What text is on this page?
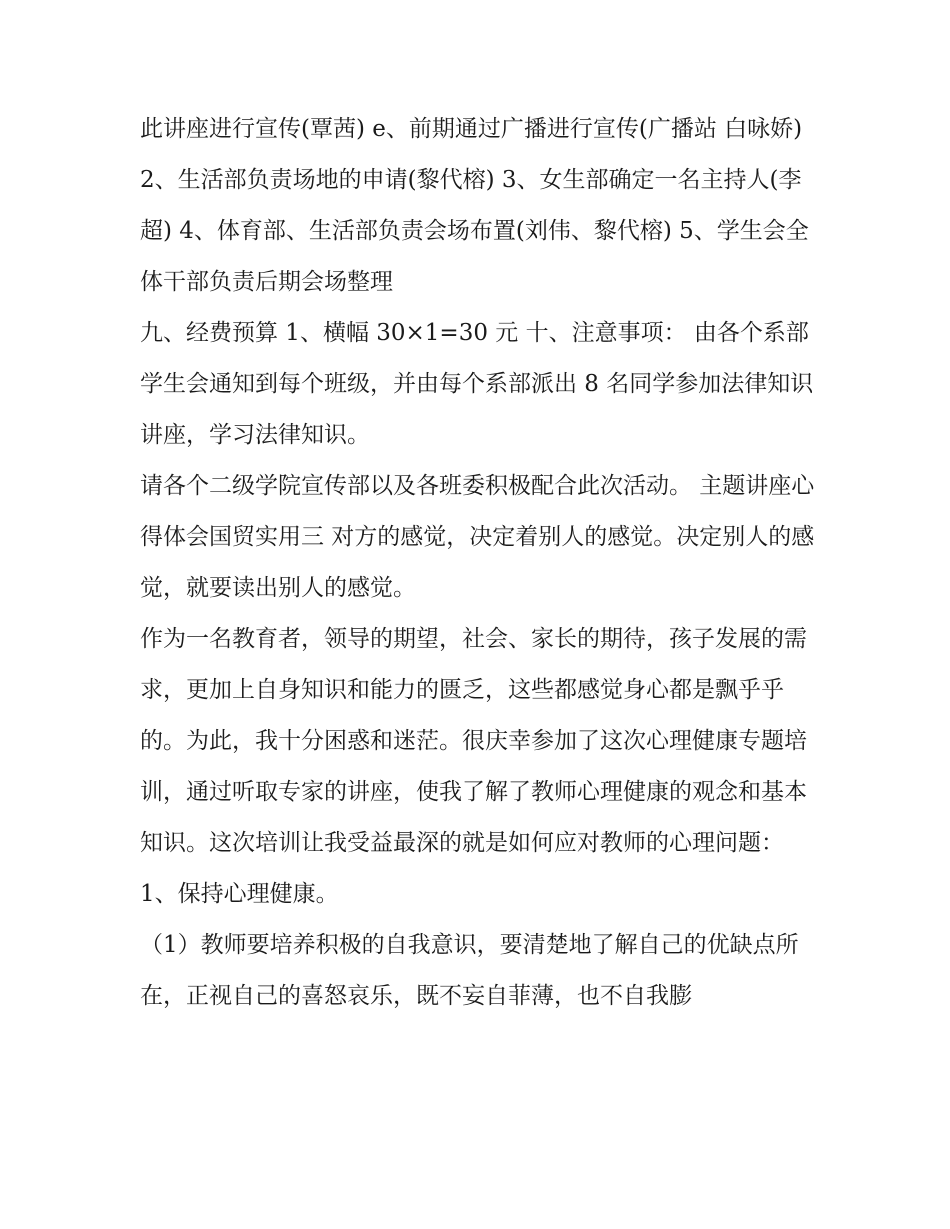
此讲座进行宣传(覃茜) e、前期通过广播进行宣传(广播站 白咏娇)

2、生活部负责场地的申请(黎代榕) 3、女生部确定一名主持人(李超) 4、体育部、生活部负责会场布置(刘伟、黎代榕) 5、学生会全体干部负责后期会场整理

九、经费预算 1、横幅 30×1=30 元 十、注意事项： 由各个系部学生会通知到每个班级，并由每个系部派出 8 名同学参加法律知识讲座，学习法律知识。

请各个二级学院宣传部以及各班委积极配合此次活动。 主题讲座心得体会国贸实用三 对方的感觉，决定着别人的感觉。决定别人的感觉，就要读出别人的感觉。

作为一名教育者，领导的期望，社会、家长的期待，孩子发展的需求，更加上自身知识和能力的匮乏，这些都感觉身心都是飘乎乎的。为此，我十分困惑和迷茫。很庆幸参加了这次心理健康专题培训，通过听取专家的讲座，使我了解了教师心理健康的观念和基本知识。这次培训让我受益最深的就是如何应对教师的心理问题：

1、保持心理健康。

（1）教师要培养积极的自我意识，要清楚地了解自己的优缺点所在，正视自己的喜怒哀乐，既不妄自菲薄，也不自我膨
